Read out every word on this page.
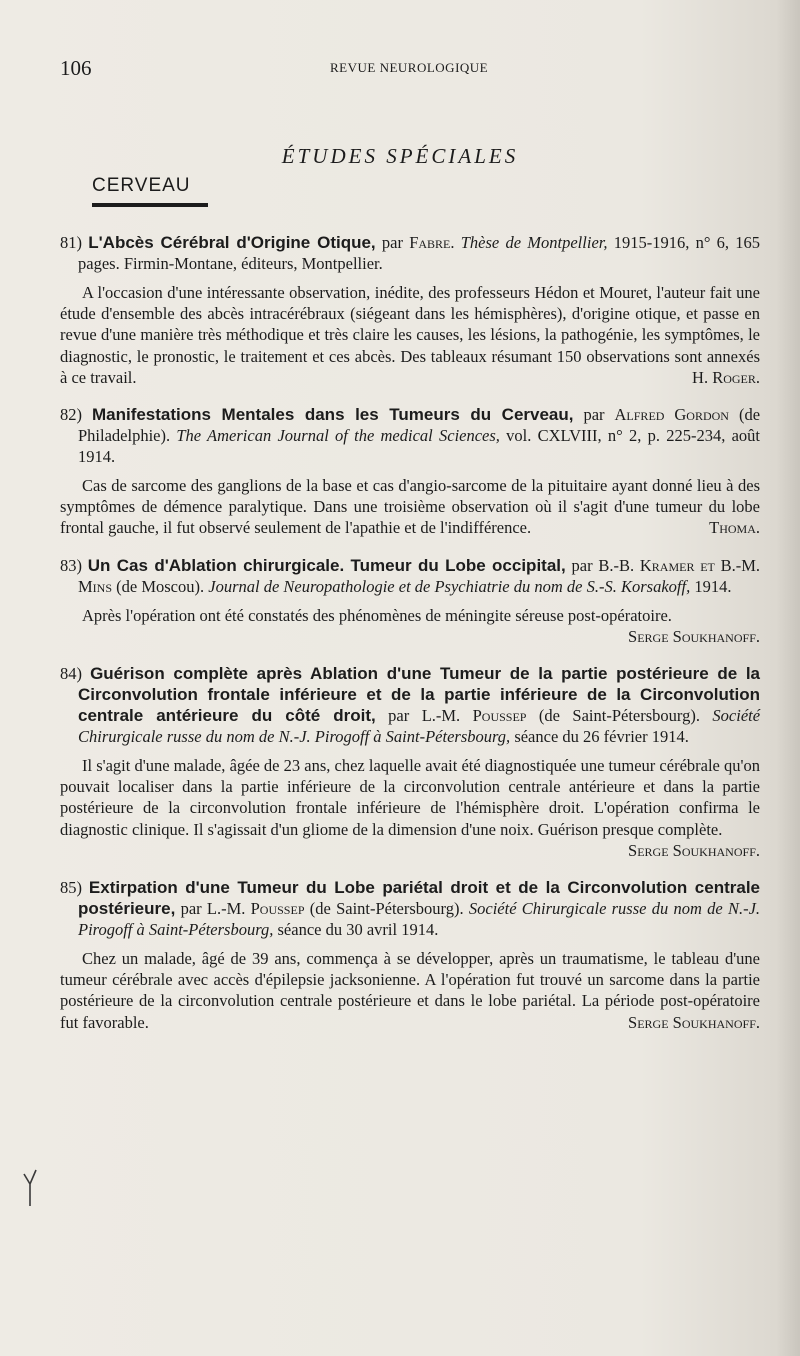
106	REVUE NEUROLOGIQUE
ÉTUDES SPÉCIALES
CERVEAU

81) L'Abcès Cérébral d'Origine Otique, par Fabre. Thèse de Montpellier, 1915-1916, n° 6, 165 pages. Firmin-Montane, éditeurs, Montpellier.

A l'occasion d'une intéressante observation, inédite, des professeurs Hédon et Mouret, l'auteur fait une étude d'ensemble des abcès intracérébraux (siégeant dans les hémisphères), d'origine otique, et passe en revue d'une manière très méthodique et très claire les causes, les lésions, la pathogénie, les symptômes, le diagnostic, le pronostic, le traitement et ces abcès. Des tableaux résumant 150 observations sont annexés à ce travail.	H. Roger.

82) Manifestations Mentales dans les Tumeurs du Cerveau, par Alfred Gordon (de Philadelphie). The American Journal of the medical Sciences, vol. CXLVIII, n° 2, p. 225-234, août 1914.

Cas de sarcome des ganglions de la base et cas d'angio-sarcome de la pituitaire ayant donné lieu à des symptômes de démence paralytique. Dans une troisième observation où il s'agit d'une tumeur du lobe frontal gauche, il fut observé seulement de l'apathie et de l'indifférence.	Thoma.

83) Un Cas d'Ablation chirurgicale. Tumeur du Lobe occipital, par B.-B. Kramer et B.-M. Mins (de Moscou). Journal de Neuropathologie et de Psychiatrie du nom de S.-S. Korsakoff, 1914.

Après l'opération ont été constatés des phénomènes de méningite séreuse post-opératoire.
Serge Soukhanoff.

84) Guérison complète après Ablation d'une Tumeur de la partie postérieure de la Circonvolution frontale inférieure et de la partie inférieure de la Circonvolution centrale antérieure du côté droit, par L.-M. Poussep (de Saint-Pétersbourg). Société Chirurgicale russe du nom de N.-J. Pirogoff à Saint-Pétersbourg, séance du 26 février 1914.

Il s'agit d'une malade, âgée de 23 ans, chez laquelle avait été diagnostiquée une tumeur cérébrale qu'on pouvait localiser dans la partie inférieure de la circonvolution centrale antérieure et dans la partie postérieure de la circonvolution frontale inférieure de l'hémisphère droit. L'opération confirma le diagnostic clinique. Il s'agissait d'un gliome de la dimension d'une noix. Guérison presque complète.
Serge Soukhanoff.

85) Extirpation d'une Tumeur du Lobe pariétal droit et de la Circonvolution centrale postérieure, par L.-M. Poussep (de Saint-Pétersbourg). Société Chirurgicale russe du nom de N.-J. Pirogoff à Saint-Pétersbourg, séance du 30 avril 1914.

Chez un malade, âgé de 39 ans, commença à se développer, après un traumatisme, le tableau d'une tumeur cérébrale avec accès d'épilepsie jacksonienne. A l'opération fut trouvé un sarcome dans la partie postérieure de la circonvolution centrale postérieure et dans le lobe pariétal. La période post-opératoire fut favorable.	Serge Soukhanoff.
